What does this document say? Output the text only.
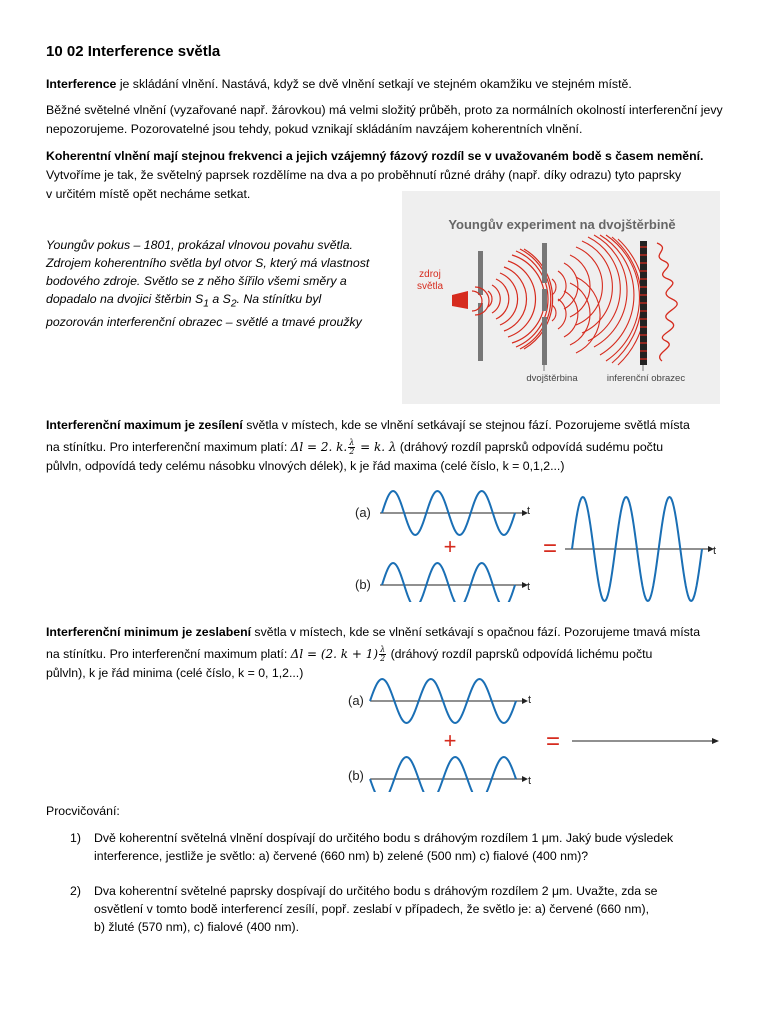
10 02 Interference světla

Interference je skládání vlnění. Nastává, když se dvě vlnění setkají ve stejném okamžiku ve stejném místě.

Běžné světelné vlnění (vyzařované např. žárovkou) má velmi složitý průběh, proto za normálních okolností interferenční jevy nepozorujeme. Pozorovatelné jsou tehdy, pokud vznikají skládáním navzájem koherentních vlnění.

Koherentní vlnění mají stejnou frekvenci a jejich vzájemný fázový rozdíl se v uvažovaném bodě s časem nemění.
Vytvoříme je tak, že světelný paprsek rozdělíme na dva a po proběhnutí různé dráhy (např. díky odrazu) tyto paprsky
v určitém místě opět necháme setkat.
Youngův pokus – 1801, prokázal vlnovou povahu světla.
Zdrojem koherentního světla byl otvor S, který má vlastnost
bodového zdroje. Světlo se z něho šířilo všemi směry a
dopadalo na dvojici štěrbin $S_1$ a $S_2$. Na stínítku byl
pozorován interferenční obrazec – světlé a tmavé proužky
Youngův experiment na dvojštěrbině
zdroj
světla
dvojštěrbina	inferenční obrazec
Interferenční maximum je zesílení světla v místech, kde se vlnění setkávají se stejnou fází. Pozorujeme světlá místa
na stínítku. Pro interferenční maximum platí: Δl = 2. k. $\frac{\lambda}{2} = k$. λ (dráhový rozdíl paprsků odpovídá sudému počtu
půlvln, odpovídá tedy celému násobku vlnových délek), k je řád maxima (celé číslo, k = 0,1,2...)
(a)
(b)
t
t
+	=	t
Interferenční minimum je zeslabení světla v místech, kde se vlnění setkávají s opačnou fází. Pozorujeme tmavá místa
na stínítku. Pro interferenční maximum platí: Δl = (2. $k + 1) \frac{\lambda}{2}$ (dráhový rozdíl paprsků odpovídá lichému počtu
půlvln), k je řád minima (celé číslo, k = 0, 1,2...)
(a)
(b)
t
t
+	=

Procvičování:

1) Dvě koherentní světelná vlnění dospívají do určitého bodu s dráhovým rozdílem 1 μm. Jaký bude výsledek
interference, jestliže je světlo: a) červené (660 nm) b) zelené (500 nm) c) fialové (400 nm)?
2) Dva koherentní světelné paprsky dospívají do určitého bodu s dráhovým rozdílem 2 μm. Uvažte, zda se
osvětlení v tomto bodě interferencí zesílí, popř. zeslabí v případech, že světlo je: a) červené (660 nm),
b) žluté (570 nm), c) fialové (400 nm).
